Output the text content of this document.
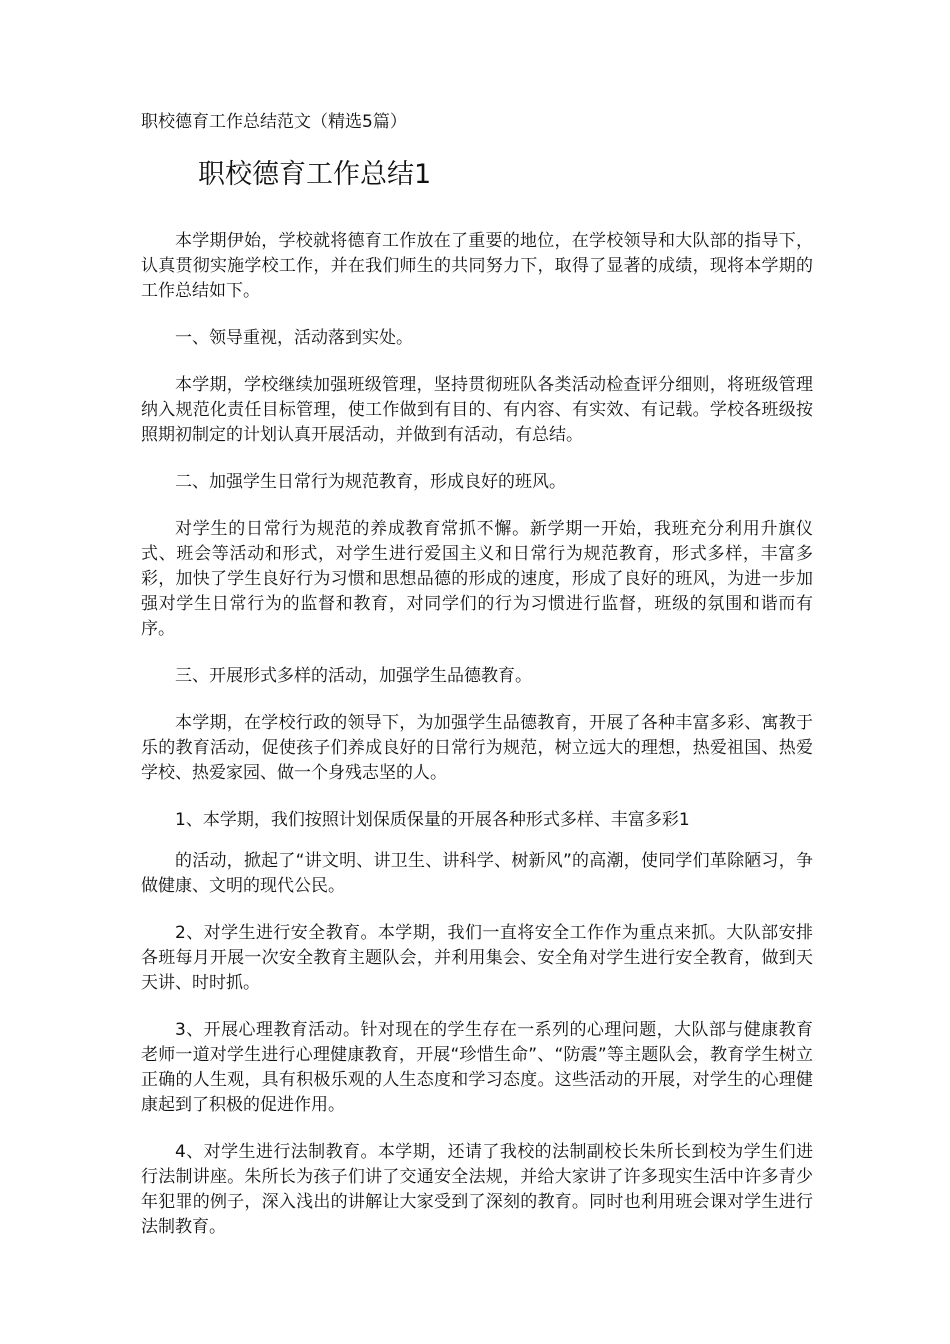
职校德育工作总结范文（精选5篇）
职校德育工作总结1

本学期伊始，学校就将德育工作放在了重要的地位，在学校领导和大队部的指导下，认真贯彻实施学校工作，并在我们师生的共同努力下，取得了显著的成绩，现将本学期的工作总结如下。

一、领导重视，活动落到实处。

本学期，学校继续加强班级管理，坚持贯彻班队各类活动检查评分细则，将班级管理纳入规范化责任目标管理，使工作做到有目的、有内容、有实效、有记载。学校各班级按照期初制定的计划认真开展活动，并做到有活动，有总结。

二、加强学生日常行为规范教育，形成良好的班风。

对学生的日常行为规范的养成教育常抓不懈。新学期一开始，我班充分利用升旗仪式、班会等活动和形式，对学生进行爱国主义和日常行为规范教育，形式多样，丰富多彩，加快了学生良好行为习惯和思想品德的形成的速度，形成了良好的班风，为进一步加强对学生日常行为的监督和教育，对同学们的行为习惯进行监督，班级的氛围和谐而有序。

三、开展形式多样的活动，加强学生品德教育。

本学期，在学校行政的领导下，为加强学生品德教育，开展了各种丰富多彩、寓教于乐的教育活动，促使孩子们养成良好的日常行为规范，树立远大的理想，热爱祖国、热爱学校、热爱家园、做一个身残志坚的人。

1、本学期，我们按照计划保质保量的开展各种形式多样、丰富多彩1

的活动，掀起了“讲文明、讲卫生、讲科学、树新风”的高潮，使同学们革除陋习，争做健康、文明的现代公民。

2、对学生进行安全教育。本学期，我们一直将安全工作作为重点来抓。大队部安排各班每月开展一次安全教育主题队会，并利用集会、安全角对学生进行安全教育，做到天天讲、时时抓。

3、开展心理教育活动。针对现在的学生存在一系列的心理问题，大队部与健康教育老师一道对学生进行心理健康教育，开展“珍惜生命”、“防震”等主题队会，教育学生树立正确的人生观，具有积极乐观的人生态度和学习态度。这些活动的开展，对学生的心理健康起到了积极的促进作用。

4、对学生进行法制教育。本学期，还请了我校的法制副校长朱所长到校为学生们进行法制讲座。朱所长为孩子们讲了交通安全法规，并给大家讲了许多现实生活中许多青少年犯罪的例子，深入浅出的讲解让大家受到了深刻的教育。同时也利用班会课对学生进行法制教育。
